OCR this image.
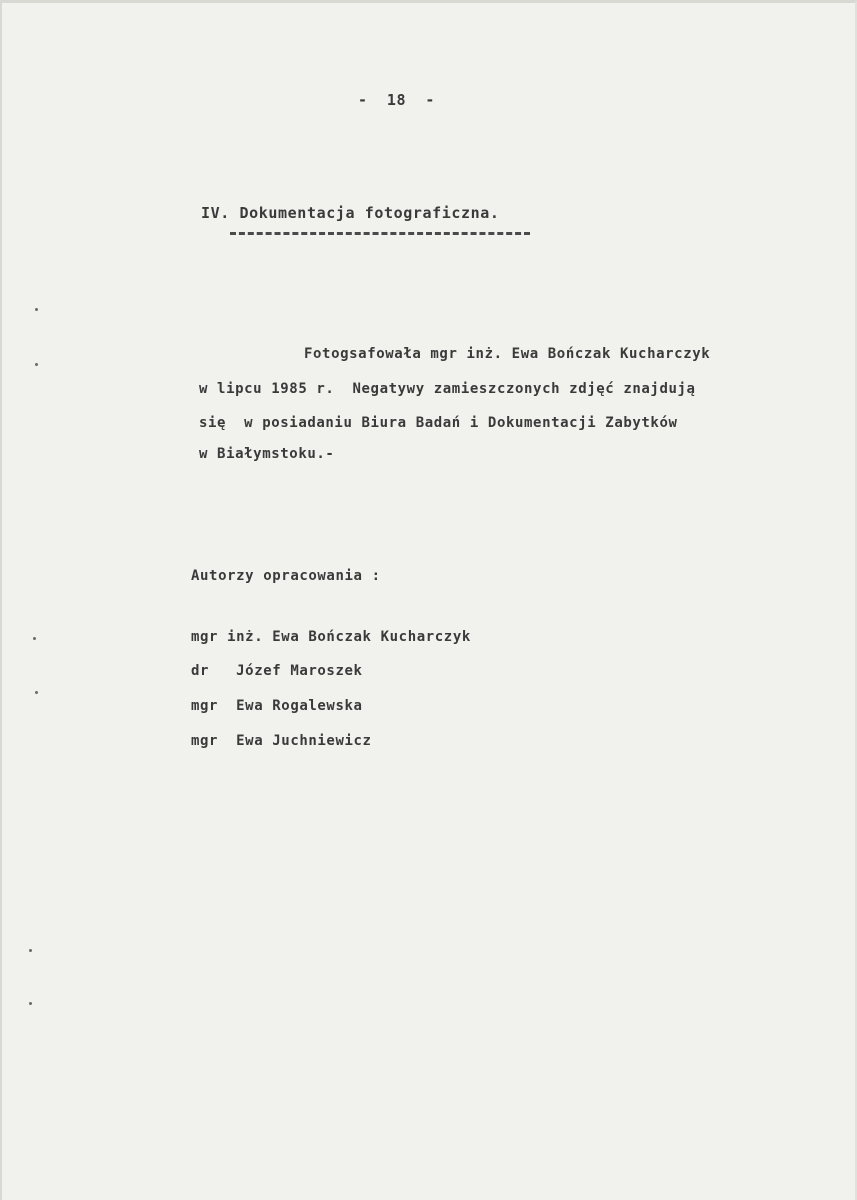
-  18  -
IV. Dokumentacja fotograficzna.
Fotogsafowała mgr inż. Ewa Bończak Kucharczyk
w lipcu 1985 r.  Negatywy zamieszczonych zdjęć znajdują
się  w posiadaniu Biura Badań i Dokumentacji Zabytków
w Białymstoku.-
Autorzy opracowania :
mgr inż. Ewa Bończak Kucharczyk
dr   Józef Maroszek
mgr  Ewa Rogalewska
mgr  Ewa Juchniewicz
